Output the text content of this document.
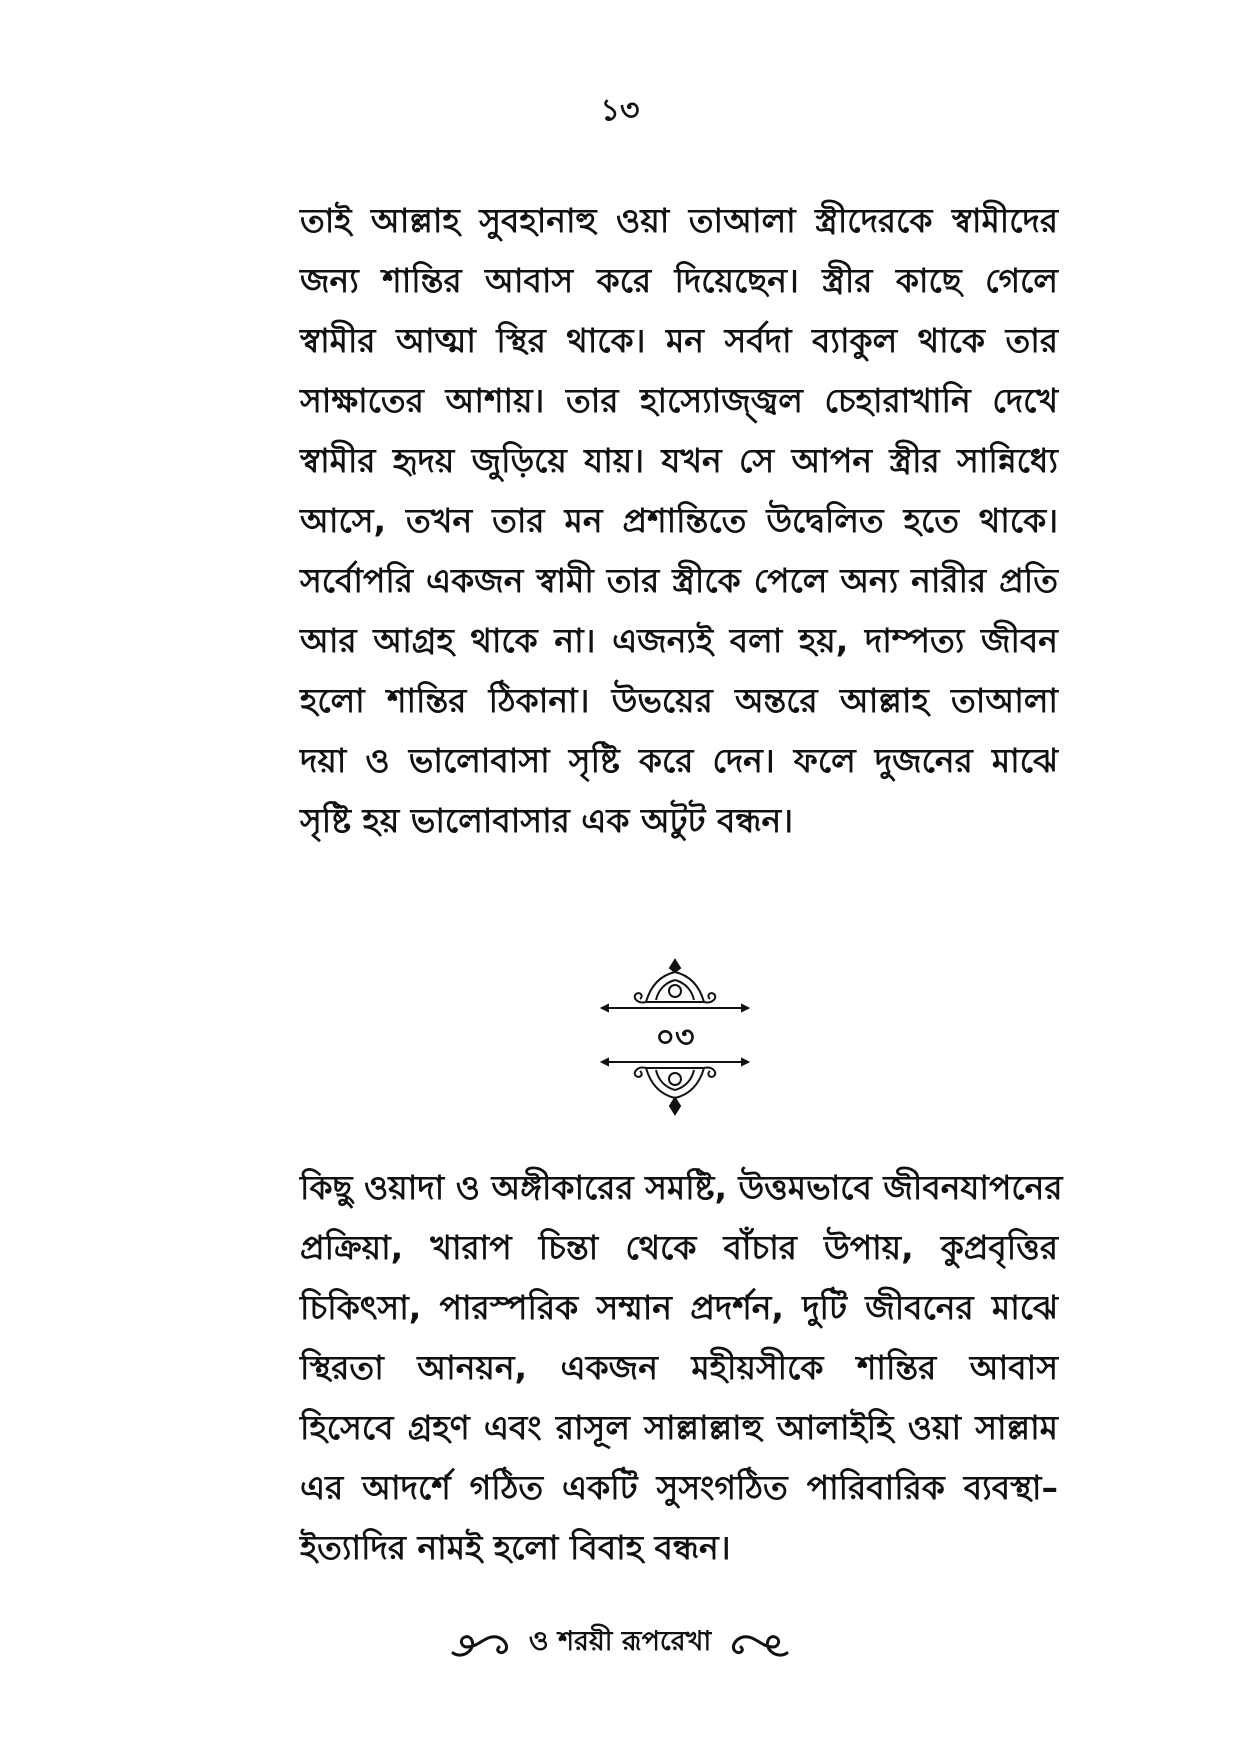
১৩
তাই আল্লাহ সুবহানাহু ওয়া তাআলা স্ত্রীদেরকে স্বামীদের
জন্য শান্তির আবাস করে দিয়েছেন। স্ত্রীর কাছে গেলে
স্বামীর আত্মা স্থির থাকে। মন সর্বদা ব্যাকুল থাকে তার
সাক্ষাতের আশায়। তার হাস্যোজ্জ্বল চেহারাখানি দেখে
স্বামীর হৃদয় জুড়িয়ে যায়। যখন সে আপন স্ত্রীর সান্নিধ্যে
আসে, তখন তার মন প্রশান্তিতে উদ্বেলিত হতে থাকে।
সর্বোপরি একজন স্বামী তার স্ত্রীকে পেলে অন্য নারীর প্রতি
আর আগ্রহ থাকে না। এজন্যই বলা হয়, দাম্পত্য জীবন
হলো শান্তির ঠিকানা। উভয়ের অন্তরে আল্লাহ তাআলা
দয়া ও ভালোবাসা সৃষ্টি করে দেন। ফলে দুজনের মাঝে
সৃষ্টি হয় ভালোবাসার এক অটুট বন্ধন।
০৩
কিছু ওয়াদা ও অঙ্গীকারের সমষ্টি, উত্তমভাবে জীবনযাপনের
প্রক্রিয়া, খারাপ চিন্তা থেকে বাঁচার উপায়, কুপ্রবৃত্তির
চিকিৎসা, পারস্পরিক সম্মান প্রদর্শন, দুটি জীবনের মাঝে
স্থিরতা আনয়ন, একজন মহীয়সীকে শান্তির আবাস
হিসেবে গ্রহণ এবং রাসূল সাল্লাল্লাহু আলাইহি ওয়া সাল্লাম
এর আদর্শে গঠিত একটি সুসংগঠিত পারিবারিক ব্যবস্থা–
ইত্যাদির নামই হলো বিবাহ বন্ধন।
ও শরয়ী রূপরেখা
